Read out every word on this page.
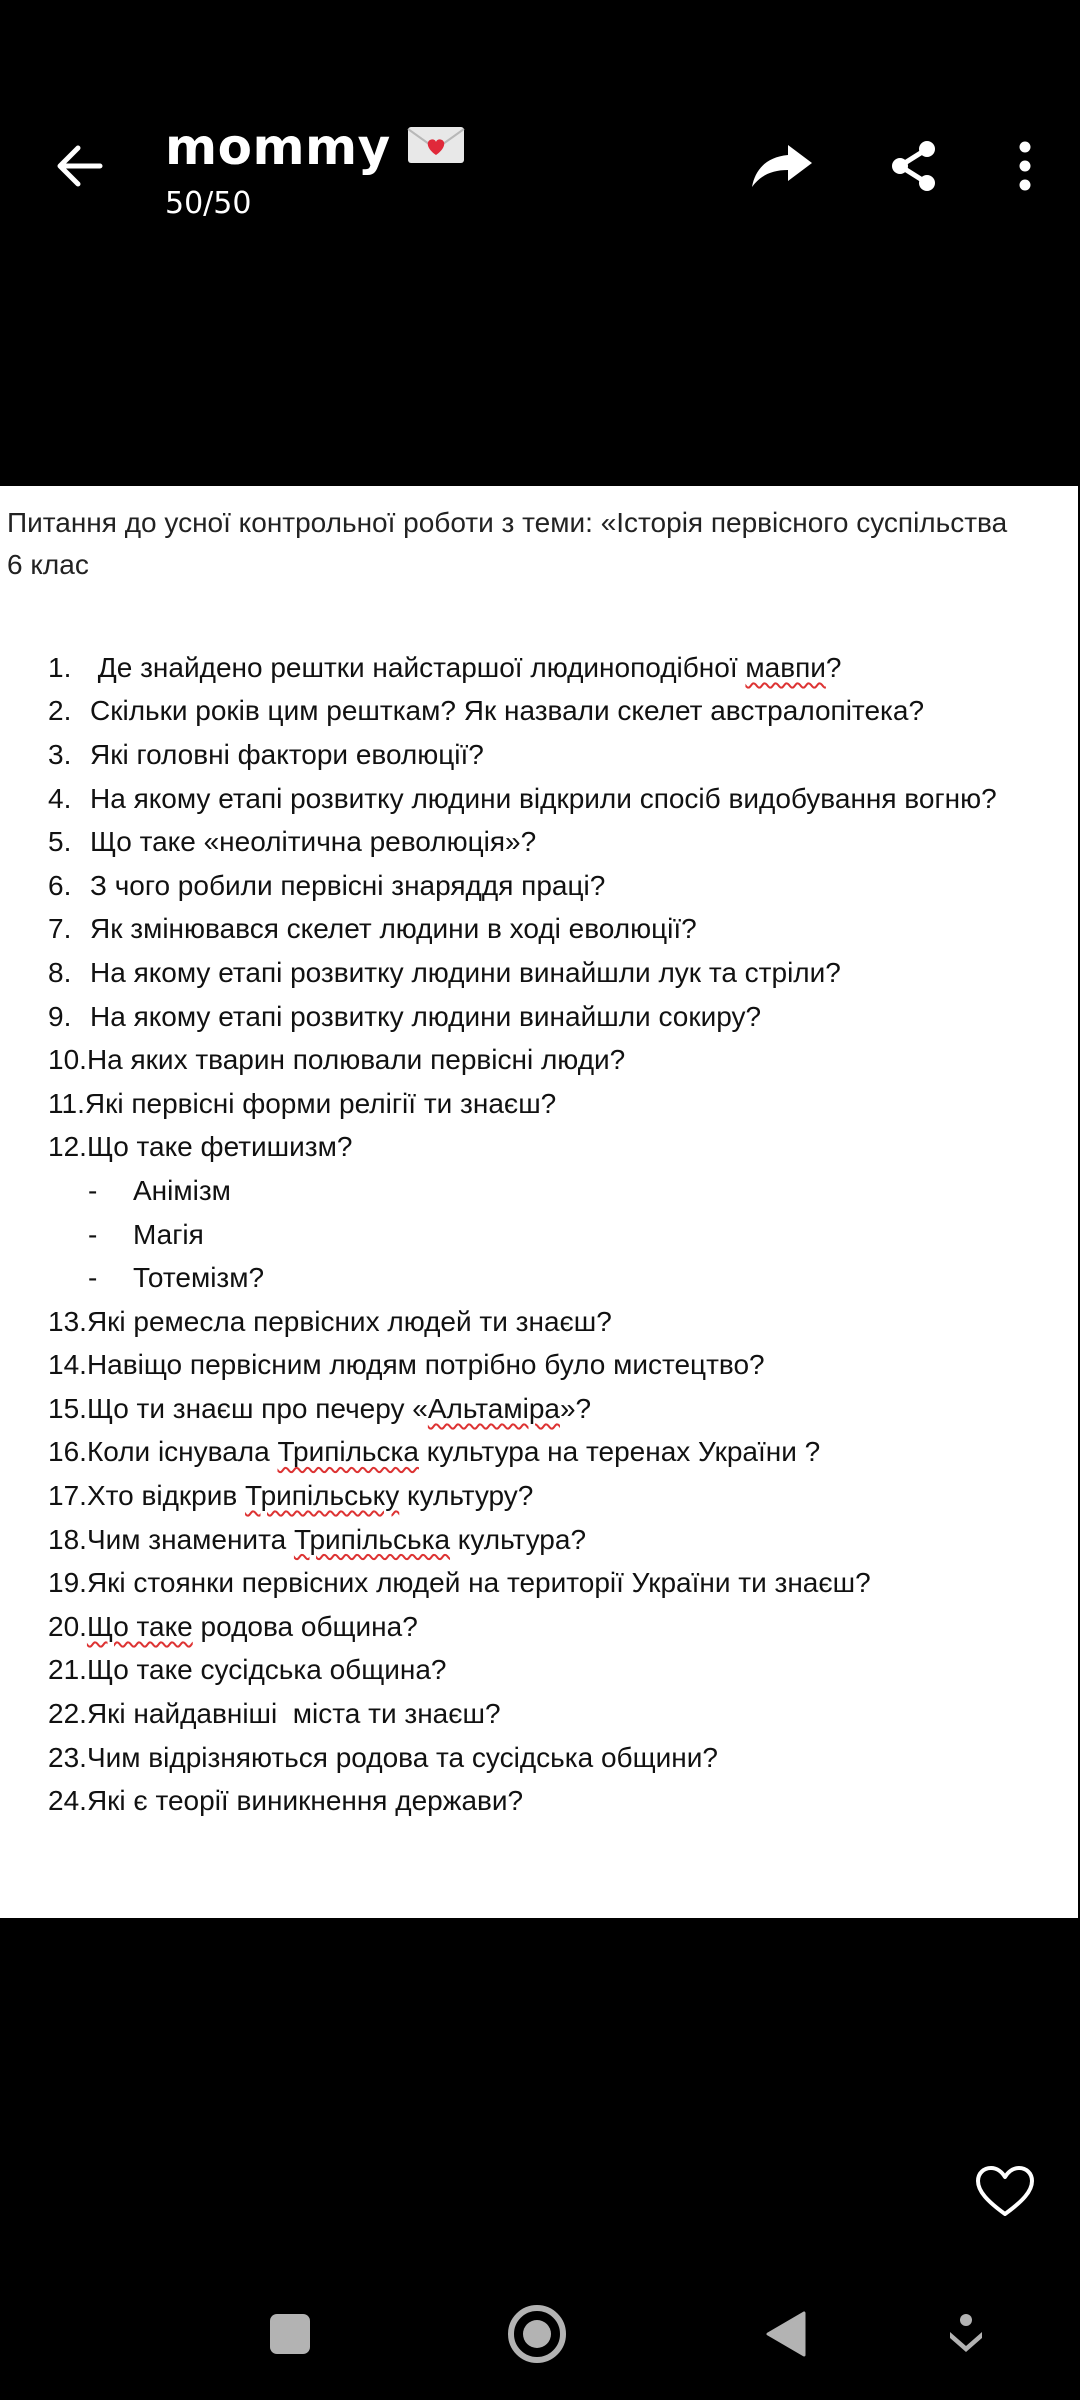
mommy
50/50
Питання до усної контрольної роботи з теми: «Історія первісного суспільства
6 клас
1. Де знайдено рештки найстаршої людиноподібної мавпи ?
2. Скільки років цим решткам? Як назвали скелет австралопітека?
3. Які головні фактори еволюції?
4. На якому етапі розвитку людини відкрили спосіб видобування вогню?
5. Що таке «неолітична революція»?
6. З чого робили первісні знаряддя праці?
7. Як змінювався скелет людини в ході еволюції?
8. На якому етапі розвитку людини винайшли лук та стріли?
9. На якому етапі розвитку людини винайшли сокиру?
10. На яких тварин полювали первісні люди?
11. Які первісні форми релігії ти знаєш?
12. Що таке фетишизм?
-	Анімізм
-	Магія
-	Тотемізм?
13. Які ремесла первісних людей ти знаєш?
14. Навіщо первісним людям потрібно було мистецтво?
15. Що ти знаєш про печеру « Альтаміра »?
16. Коли існувала Трипільска культура на теренах України ?
17. Хто відкрив Трипільську культуру?
18. Чим знаменита Трипільська культура?
19. Які стоянки первісних людей на території України ти знаєш?
20. Що таке родова община?
21. Що таке сусідська община?
22. Які найдавніші  міста ти знаєш?
23. Чим відрізняються родова та сусідська общини?
24. Які є теорії виникнення держави?
